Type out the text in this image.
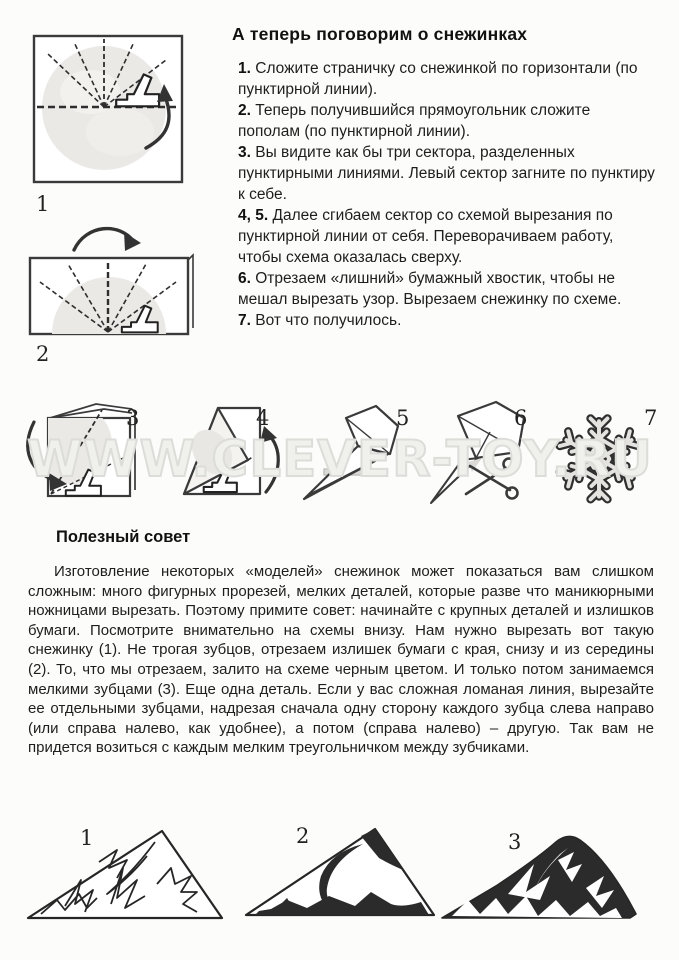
А теперь поговорим о снежинках

1. Сложите страничку со снежинкой по горизонтали (по пунктирной линии).

2. Теперь получившийся прямоугольник сложите пополам (по пунктирной линии).

3. Вы видите как бы три сектора, разделенных пунктирными линиями. Левый сектор загните по пунктиру к себе.

4, 5. Далее сгибаем сектор со схемой вырезания по пунктирной линии от себя. Переворачиваем работу, чтобы схема оказалась сверху.

6. Отрезаем «лишний» бумажный хвостик, чтобы не мешал вырезать узор. Вырезаем снежинку по схеме.

7. Вот что получилось.

1
2
3	4	5	6	7
WWW.CLEVER-TOY.RU
Полезный совет

Изготовление некоторых «моделей» снежинок может показаться вам слишком сложным: много фигурных прорезей, мелких деталей, которые разве что маникюрными ножницами вырезать. Поэтому примите совет: начинайте с крупных деталей и излишков бумаги. Посмотрите внимательно на схемы внизу. Нам нужно вырезать вот такую снежинку (1). Не трогая зубцов, отрезаем излишек бумаги с края, снизу и из середины (2). То, что мы отрезаем, залито на схеме черным цветом. И только потом занимаемся мелкими зубцами (3). Еще одна деталь. Если у вас сложная ломаная линия, вырезайте ее отдельными зубцами, надрезая сначала одну сторону каждого зубца слева направо (или справа налево, как удобнее), а потом (справа налево) – другую. Так вам не придется возиться с каждым мелким треугольничком между зубчиками.

1	2	3
